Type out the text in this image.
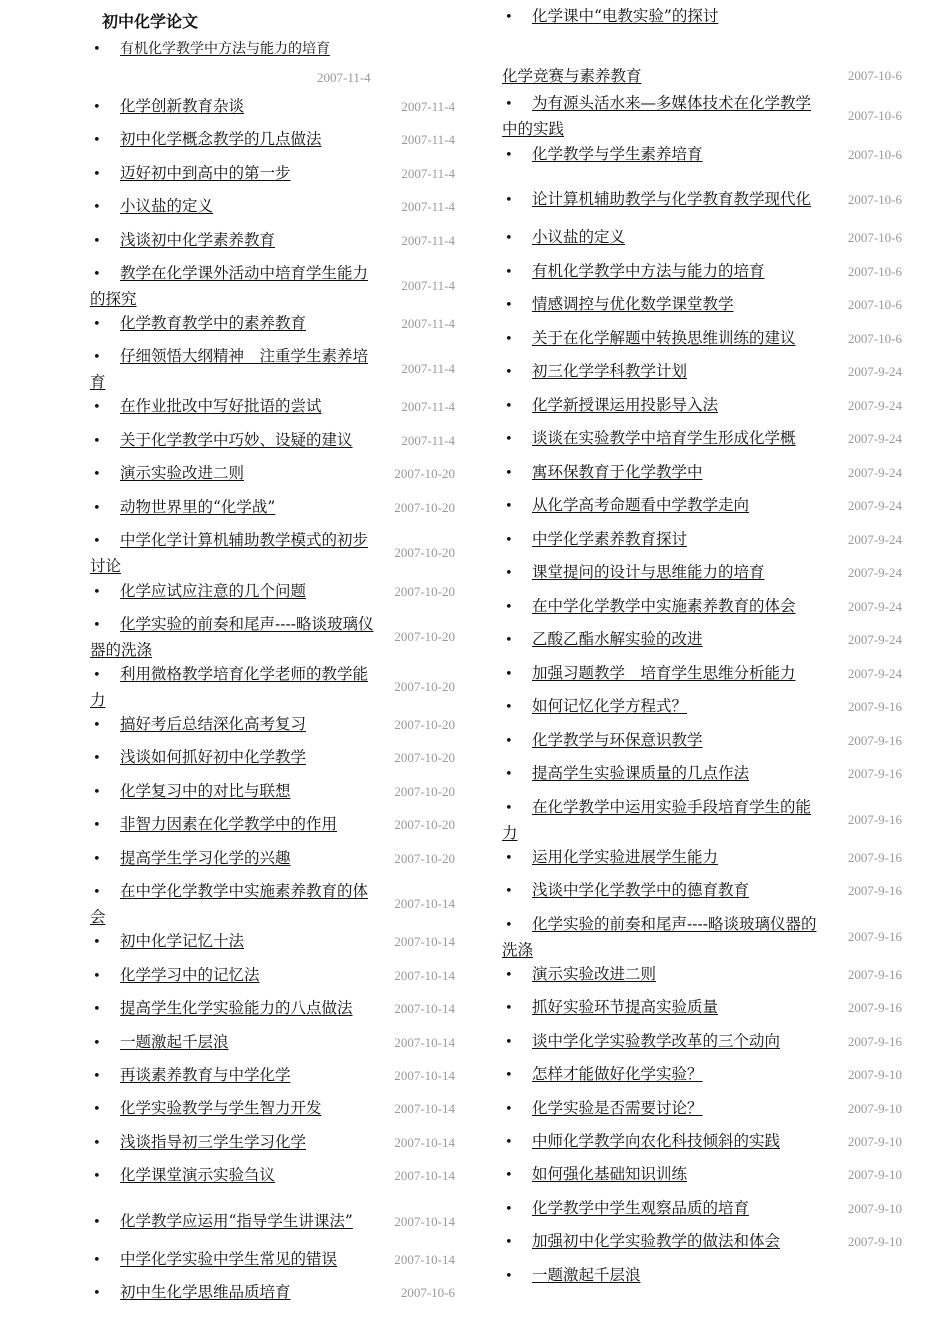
初中化学论文
• 有机化学教学中方法与能力的培育
2007-11-4
• 化学创新教育杂谈	2007-11-4
• 初中化学概念教学的几点做法	2007-11-4
• 迈好初中到高中的第一步	2007-11-4
• 小议盐的定义	2007-11-4
• 浅谈初中化学素养教育	2007-11-4
• 教学在化学课外活动中培育学生能力的探究
2007-11-4
• 化学教育教学中的素养教育	2007-11-4
• 仔细领悟大纲精神　注重学生素养培育
2007-11-4
• 在作业批改中写好批语的尝试	2007-11-4
• 关于化学教学中巧妙、设疑的建议	2007-11-4
• 演示实验改进二则	2007-10-20
• 动物世界里的“化学战”	2007-10-20
• 中学化学计算机辅助教学模式的初步讨论
2007-10-20
• 化学应试应注意的几个问题	2007-10-20
• 化学实验的前奏和尾声----略谈玻璃仪器的洗涤
2007-10-20
• 利用微格教学培育化学老师的教学能力
2007-10-20
• 搞好考后总结深化高考复习	2007-10-20
• 浅谈如何抓好初中化学教学	2007-10-20
• 化学复习中的对比与联想	2007-10-20
• 非智力因素在化学教学中的作用	2007-10-20
• 提高学生学习化学的兴趣	2007-10-20
• 在中学化学教学中实施素养教育的体会
2007-10-14
• 初中化学记忆十法	2007-10-14
• 化学学习中的记忆法	2007-10-14
• 提高学生化学实验能力的八点做法	2007-10-14
• 一题激起千层浪	2007-10-14
• 再谈素养教育与中学化学	2007-10-14
• 化学实验教学与学生智力开发	2007-10-14
• 浅谈指导初三学生学习化学	2007-10-14
• 化学课堂演示实验刍议	2007-10-14
• 化学教学应运用“指导学生讲课法”	2007-10-14
• 中学化学实验中学生常见的错误	2007-10-14
• 初中生化学思维品质培育	2007-10-6
• 化学课中“电教实验”的探讨
化学竞赛与素养教育	2007-10-6
• 为有源头活水来—多媒体技术在化学教学中的实践
2007-10-6
• 化学教学与学生素养培育	2007-10-6
• 论计算机辅助教学与化学教育教学现代化	2007-10-6
• 小议盐的定义	2007-10-6
• 有机化学教学中方法与能力的培育	2007-10-6
• 情感调控与优化数学课堂教学	2007-10-6
• 关于在化学解题中转换思维训练的建议	2007-10-6
• 初三化学学科教学计划	2007-9-24
• 化学新授课运用投影导入法	2007-9-24
• 谈谈在实验教学中培育学生形成化学概	2007-9-24
• 寓环保教育于化学教学中	2007-9-24
• 从化学高考命题看中学教学走向	2007-9-24
• 中学化学素养教育探讨	2007-9-24
• 课堂提问的设计与思维能力的培育	2007-9-24
• 在中学化学教学中实施素养教育的体会	2007-9-24
• 乙酸乙酯水解实验的改进	2007-9-24
• 加强习题教学　培育学生思维分析能力	2007-9-24
• 如何记忆化学方程式？	2007-9-16
• 化学教学与环保意识教学	2007-9-16
• 提高学生实验课质量的几点作法	2007-9-16
• 在化学教学中运用实验手段培育学生的能力
2007-9-16
• 运用化学实验进展学生能力	2007-9-16
• 浅谈中学化学教学中的德育教育	2007-9-16
• 化学实验的前奏和尾声----略谈玻璃仪器的洗涤
2007-9-16
• 演示实验改进二则	2007-9-16
• 抓好实验环节提高实验质量	2007-9-16
• 谈中学化学实验教学改革的三个动向	2007-9-16
• 怎样才能做好化学实验？	2007-9-10
• 化学实验是否需要讨论？	2007-9-10
• 中师化学教学向农化科技倾斜的实践	2007-9-10
• 如何强化基础知识训练	2007-9-10
• 化学教学中学生观察品质的培育	2007-9-10
• 加强初中化学实验教学的做法和体会	2007-9-10
• 一题激起千层浪
